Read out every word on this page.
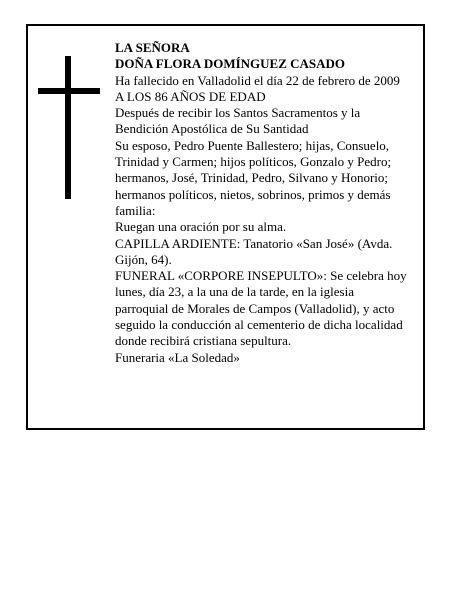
LA SEÑORA
DOÑA FLORA DOMÍNGUEZ CASADO
Ha fallecido en Valladolid el día 22 de febrero de 2009
A LOS 86 AÑOS DE EDAD
Después de recibir los Santos Sacramentos y la
Bendición Apostólica de Su Santidad
Su esposo, Pedro Puente Ballestero; hijas, Consuelo,
Trinidad y Carmen; hijos políticos, Gonzalo y Pedro;
hermanos, José, Trinidad, Pedro, Silvano y Honorio;
hermanos políticos, nietos, sobrinos, primos y demás
familia:
Ruegan una oración por su alma.
CAPILLA ARDIENTE: Tanatorio «San José» (Avda.
Gijón, 64).
FUNERAL «CORPORE INSEPULTO»: Se celebra hoy
lunes, día 23, a la una de la tarde, en la iglesia
parroquial de Morales de Campos (Valladolid), y acto
seguido la conducción al cementerio de dicha localidad
donde recibirá cristiana sepultura.
Funeraria «La Soledad»
